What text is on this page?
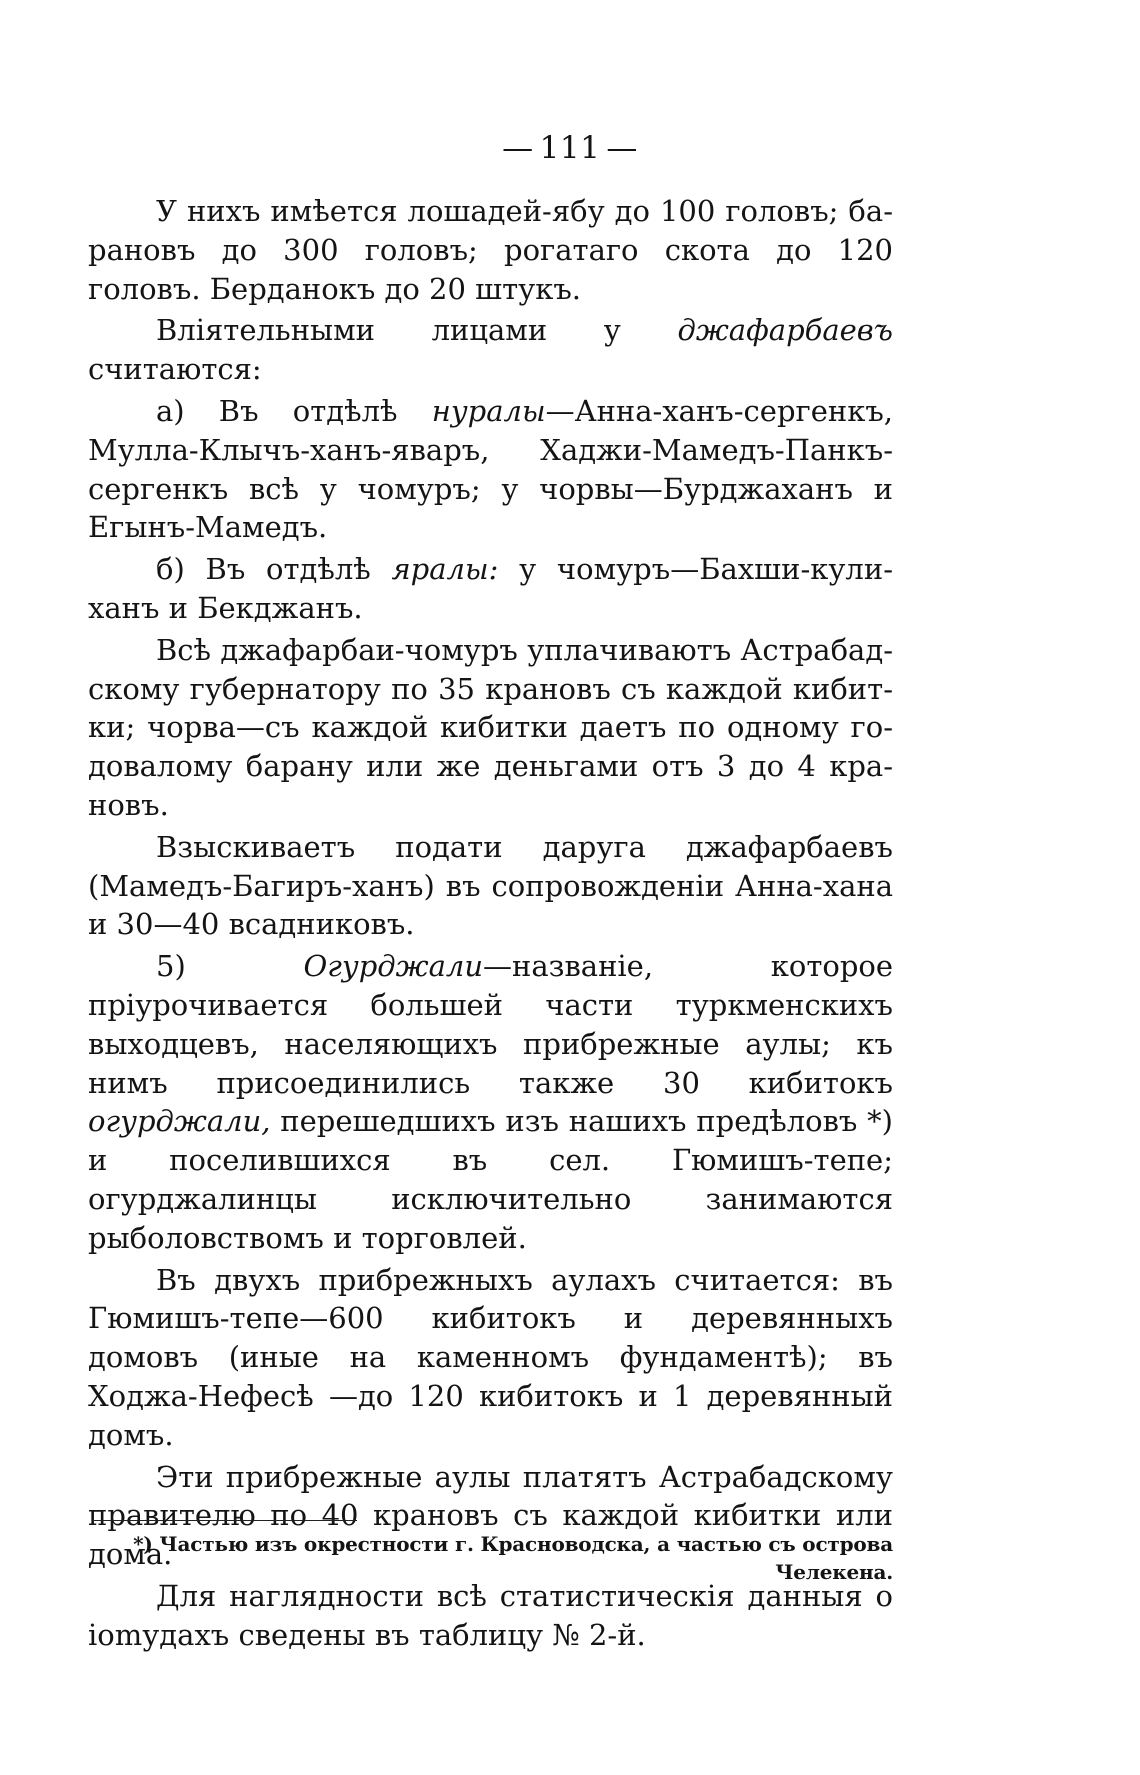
— 111 —

У нихъ имѣется лошадей-ябу до 100 головъ; бaрановъ до 300 головъ; рогатаго скота до 120 головъ. Берданокъ до 20 штукъ.

Вліятельными лицами у джафарбаевъ считаются:

а) Въ отдѣлѣ нуралы—Анна-ханъ-сергенкъ, Мулла-Клычъ-ханъ-яваръ, Хаджи-Мамедъ-Панкъ-сергенкъ всѣ у чомуръ; у чорвы—Бурджаханъ и Егынъ-Мамедъ.

б) Въ отдѣлѣ яралы: у чомуръ—Бахши-кулиханъ и Бекджанъ.

Всѣ джафарбаи-чомуръ уплачиваютъ Астрабадскому губернатору по 35 крановъ съ каждой кибитки; чорва—съ каждой кибитки даетъ по одному годовалому барану или же деньгами отъ 3 до 4 крановъ.

Взыскиваетъ подати даруга джафарбаевъ (Мамедъ-Багиръ-ханъ) въ сопровожденіи Анна-хана и 30—40 всадниковъ.

5) Огурджали—названіе, которое пріурочивается большей части туркменскихъ выходцевъ, населяющихъ прибрежные аулы; къ нимъ присоединились также 30 кибитокъ огурджали, перешедшихъ изъ нашихъ предѣловъ *) и поселившихся въ сел. Гюмишъ-тепе; огурджалинцы исключительно занимаются рыболовствомъ и торговлей.

Въ двухъ прибрежныхъ аулахъ считается: въ Гюмишъ-тепе—600 кибитокъ и деревянныхъ домовъ (иные на каменномъ фундаментѣ); въ Ходжа-Нефесѣ —до 120 кибитокъ и 1 деревянный домъ.

Эти прибрежные аулы платятъ Астрабадскому правителю по 40 крановъ съ каждой кибитки или дома.

Для наглядности всѣ статистическія данныя о іоmудахъ сведены въ таблицу № 2-й.

*) Частью изъ окрестности г. Красноводска, а частью съ острова Челекена.
